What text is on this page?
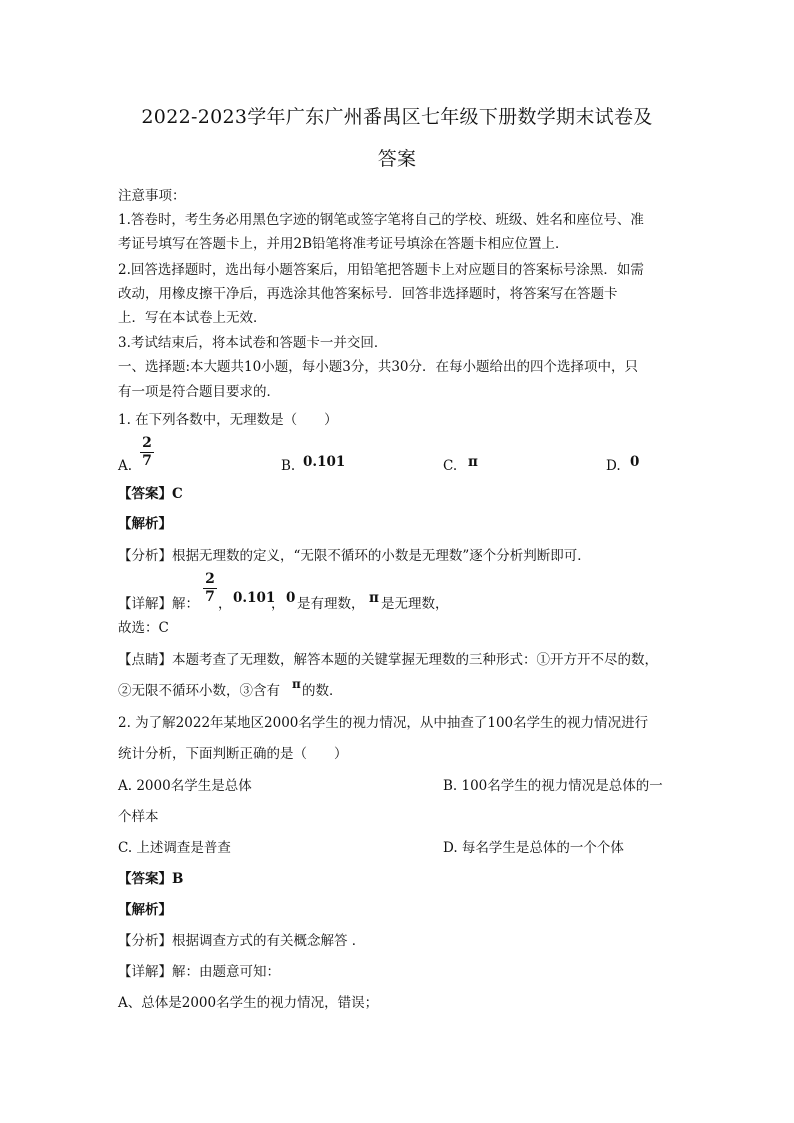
2022-2023学年广东广州番禺区七年级下册数学期末试卷及
答案
注意事项：
1.答卷时，考生务必用黑色字迹的钢笔或签字笔将自己的学校、班级、姓名和座位号、准
考证号填写在答题卡上，并用2B铅笔将准考证号填涂在答题卡相应位置上．
2.回答选择题时，选出每小题答案后，用铅笔把答题卡上对应题目的答案标号涂黑．如需
改动，用橡皮擦干净后，再选涂其他答案标号．回答非选择题时，将答案写在答题卡
上．写在本试卷上无效．
3.考试结束后，将本试卷和答题卡一并交回．
一、选择题:本大题共10小题，每小题3分，共30分．在每小题给出的四个选择项中，只
有一项是符合题目要求的．
1. 在下列各数中，无理数是（　　）
A.
2
7	B. 0.101	C. π	D. 0
【答案】C
【解析】
【分析】根据无理数的定义，“无限不循环的小数是无理数”逐个分析判断即可．
【详解】解：
2
7 ， 0.101
， 0 是有理数， π 是无理数，
故选：C
【点睛】本题考查了无理数，解答本题的关键掌握无理数的三种形式：①开方开不尽的数，
②无限不循环小数，③含有 π 的数．
2. 为了解2022年某地区2000名学生的视力情况，从中抽查了100名学生的视力情况进行
统计分析，下面判断正确的是（　　）
A. 2000名学生是总体	B. 100名学生的视力情况是总体的一
个样本
C. 上述调查是普查	D. 每名学生是总体的一个个体
【答案】B
【解析】
【分析】根据调查方式的有关概念解答 ．
【详解】解：由题意可知：
A、总体是2000名学生的视力情况，错误；
